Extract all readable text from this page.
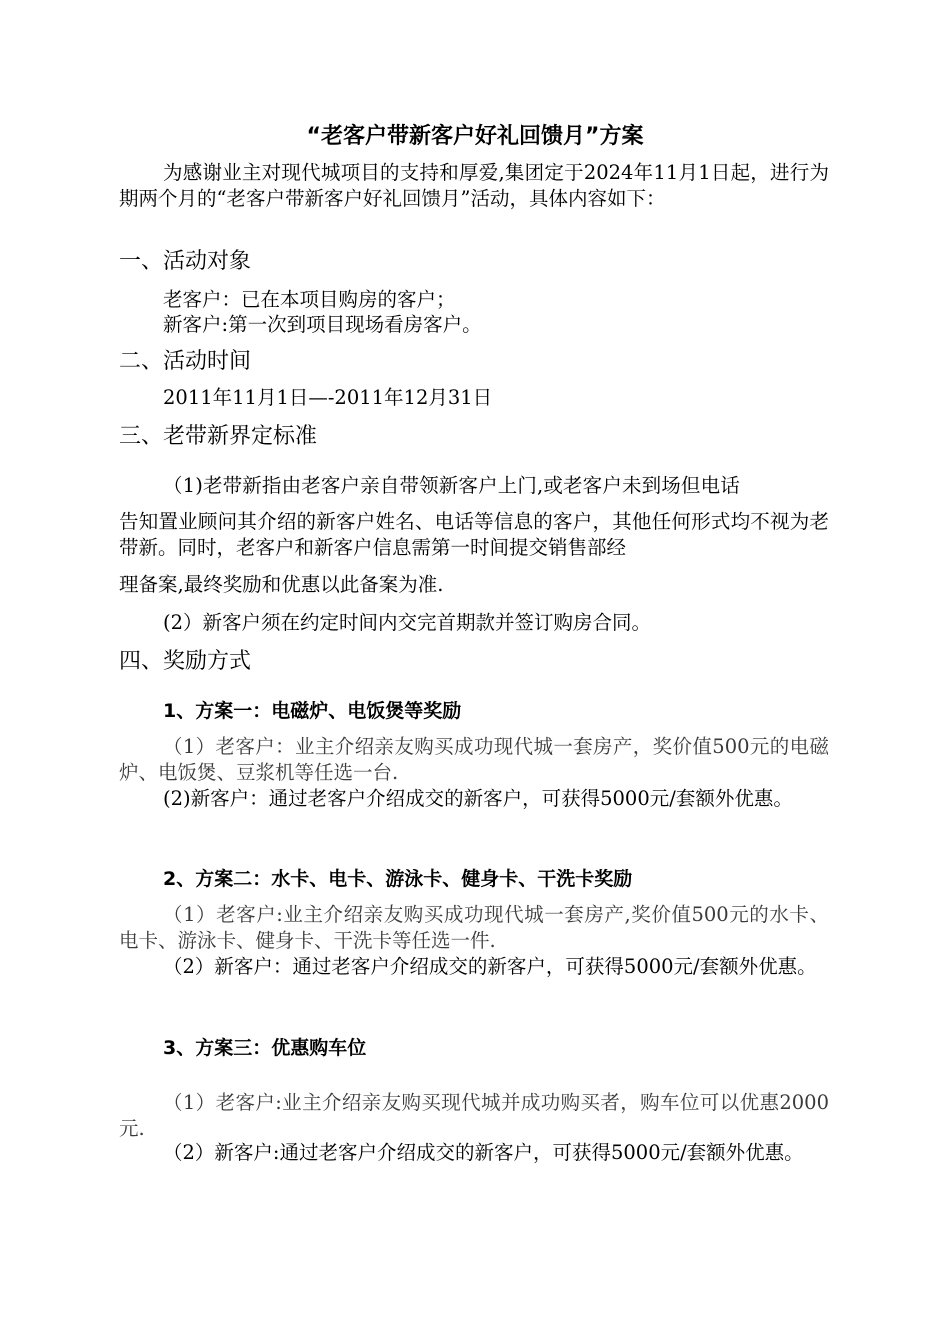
“老客户带新客户好礼回馈月”方案
为感谢业主对现代城项目的支持和厚爱,集团定于2024年11月1日起，进行为期两个月的“老客户带新客户好礼回馈月”活动，具体内容如下：
一、活动对象
老客户：已在本项目购房的客户；
新客户:第一次到项目现场看房客户。
二、活动时间
2011年11月1日—-2011年12月31日
三、老带新界定标准
（1)老带新指由老客户亲自带领新客户上门,或老客户未到场但电话
告知置业顾问其介绍的新客户姓名、电话等信息的客户，其他任何形式均不视为老带新。同时，老客户和新客户信息需第一时间提交销售部经
理备案,最终奖励和优惠以此备案为准.
(2）新客户须在约定时间内交完首期款并签订购房合同。
四、奖励方式
1、方案一：电磁炉、电饭煲等奖励
（1）老客户：业主介绍亲友购买成功现代城一套房产，奖价值500元的电磁炉、电饭煲、豆浆机等任选一台.
(2)新客户：通过老客户介绍成交的新客户，可获得5000元/套额外优惠。
2、方案二：水卡、电卡、游泳卡、健身卡、干洗卡奖励
（1）老客户:业主介绍亲友购买成功现代城一套房产,奖价值500元的水卡、电卡、游泳卡、健身卡、干洗卡等任选一件.
（2）新客户：通过老客户介绍成交的新客户，可获得5000元/套额外优惠。
3、方案三：优惠购车位
（1）老客户:业主介绍亲友购买现代城并成功购买者，购车位可以优惠2000元.
（2）新客户:通过老客户介绍成交的新客户，可获得5000元/套额外优惠。
